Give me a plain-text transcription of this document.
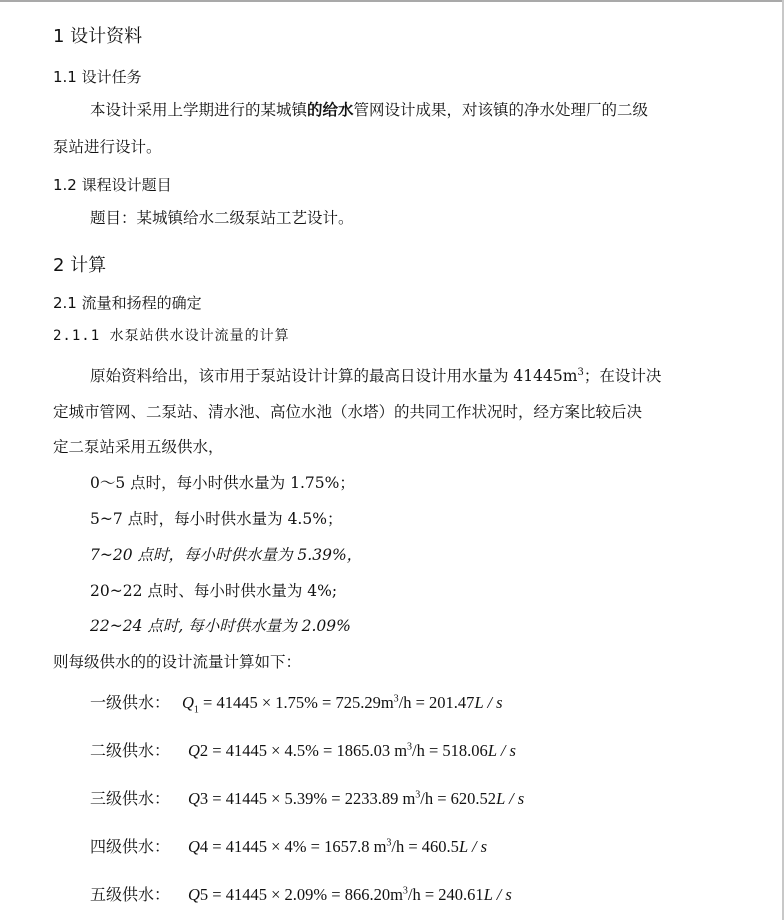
1 设计资料
1.1 设计任务
本设计采用上学期进行的某城镇的给水管网设计成果，对该镇的净水处理厂的二级
泵站进行设计。
1.2 课程设计题目
题目：某城镇给水二级泵站工艺设计。
2 计算
2.1 流量和扬程的确定
2.1.1 水泵站供水设计流量的计算
原始资料给出，该市用于泵站设计计算的最高日设计用水量为 $41445m^3$；在设计决
定城市管网、二泵站、清水池、高位水池（水塔）的共同工作状况时，经方案比较后决
定二泵站采用五级供水，
0～5 点时，每小时供水量为 1.75%；
5~7 点时，每小时供水量为 4.5%；
7~20 点时，每小时供水量为 5.39%，
20~22 点时、每小时供水量为 4%;
22~24 点时, 每小时供水量为 2.09%
则每级供水的的设计流量计算如下：
一级供水： $Q_1 = 41445 \times 1.75\% = 725.29m^3/h = 201.47L / s$
二级供水： Q2 = 41445 × 4.5% = 1865.03 $m^3/h = 518.06L / s$
三级供水： Q3 = 41445 × 5.39% = 2233.89 $m^3/h = 620.52L / s$
四级供水： Q4 = 41445 × 4% = 1657.8 $m^3/h = 460.5L / s$
五级供水： $Q5 = 41445 \times 2.09\% = 866.20m^3/h = 240.61L / s$
